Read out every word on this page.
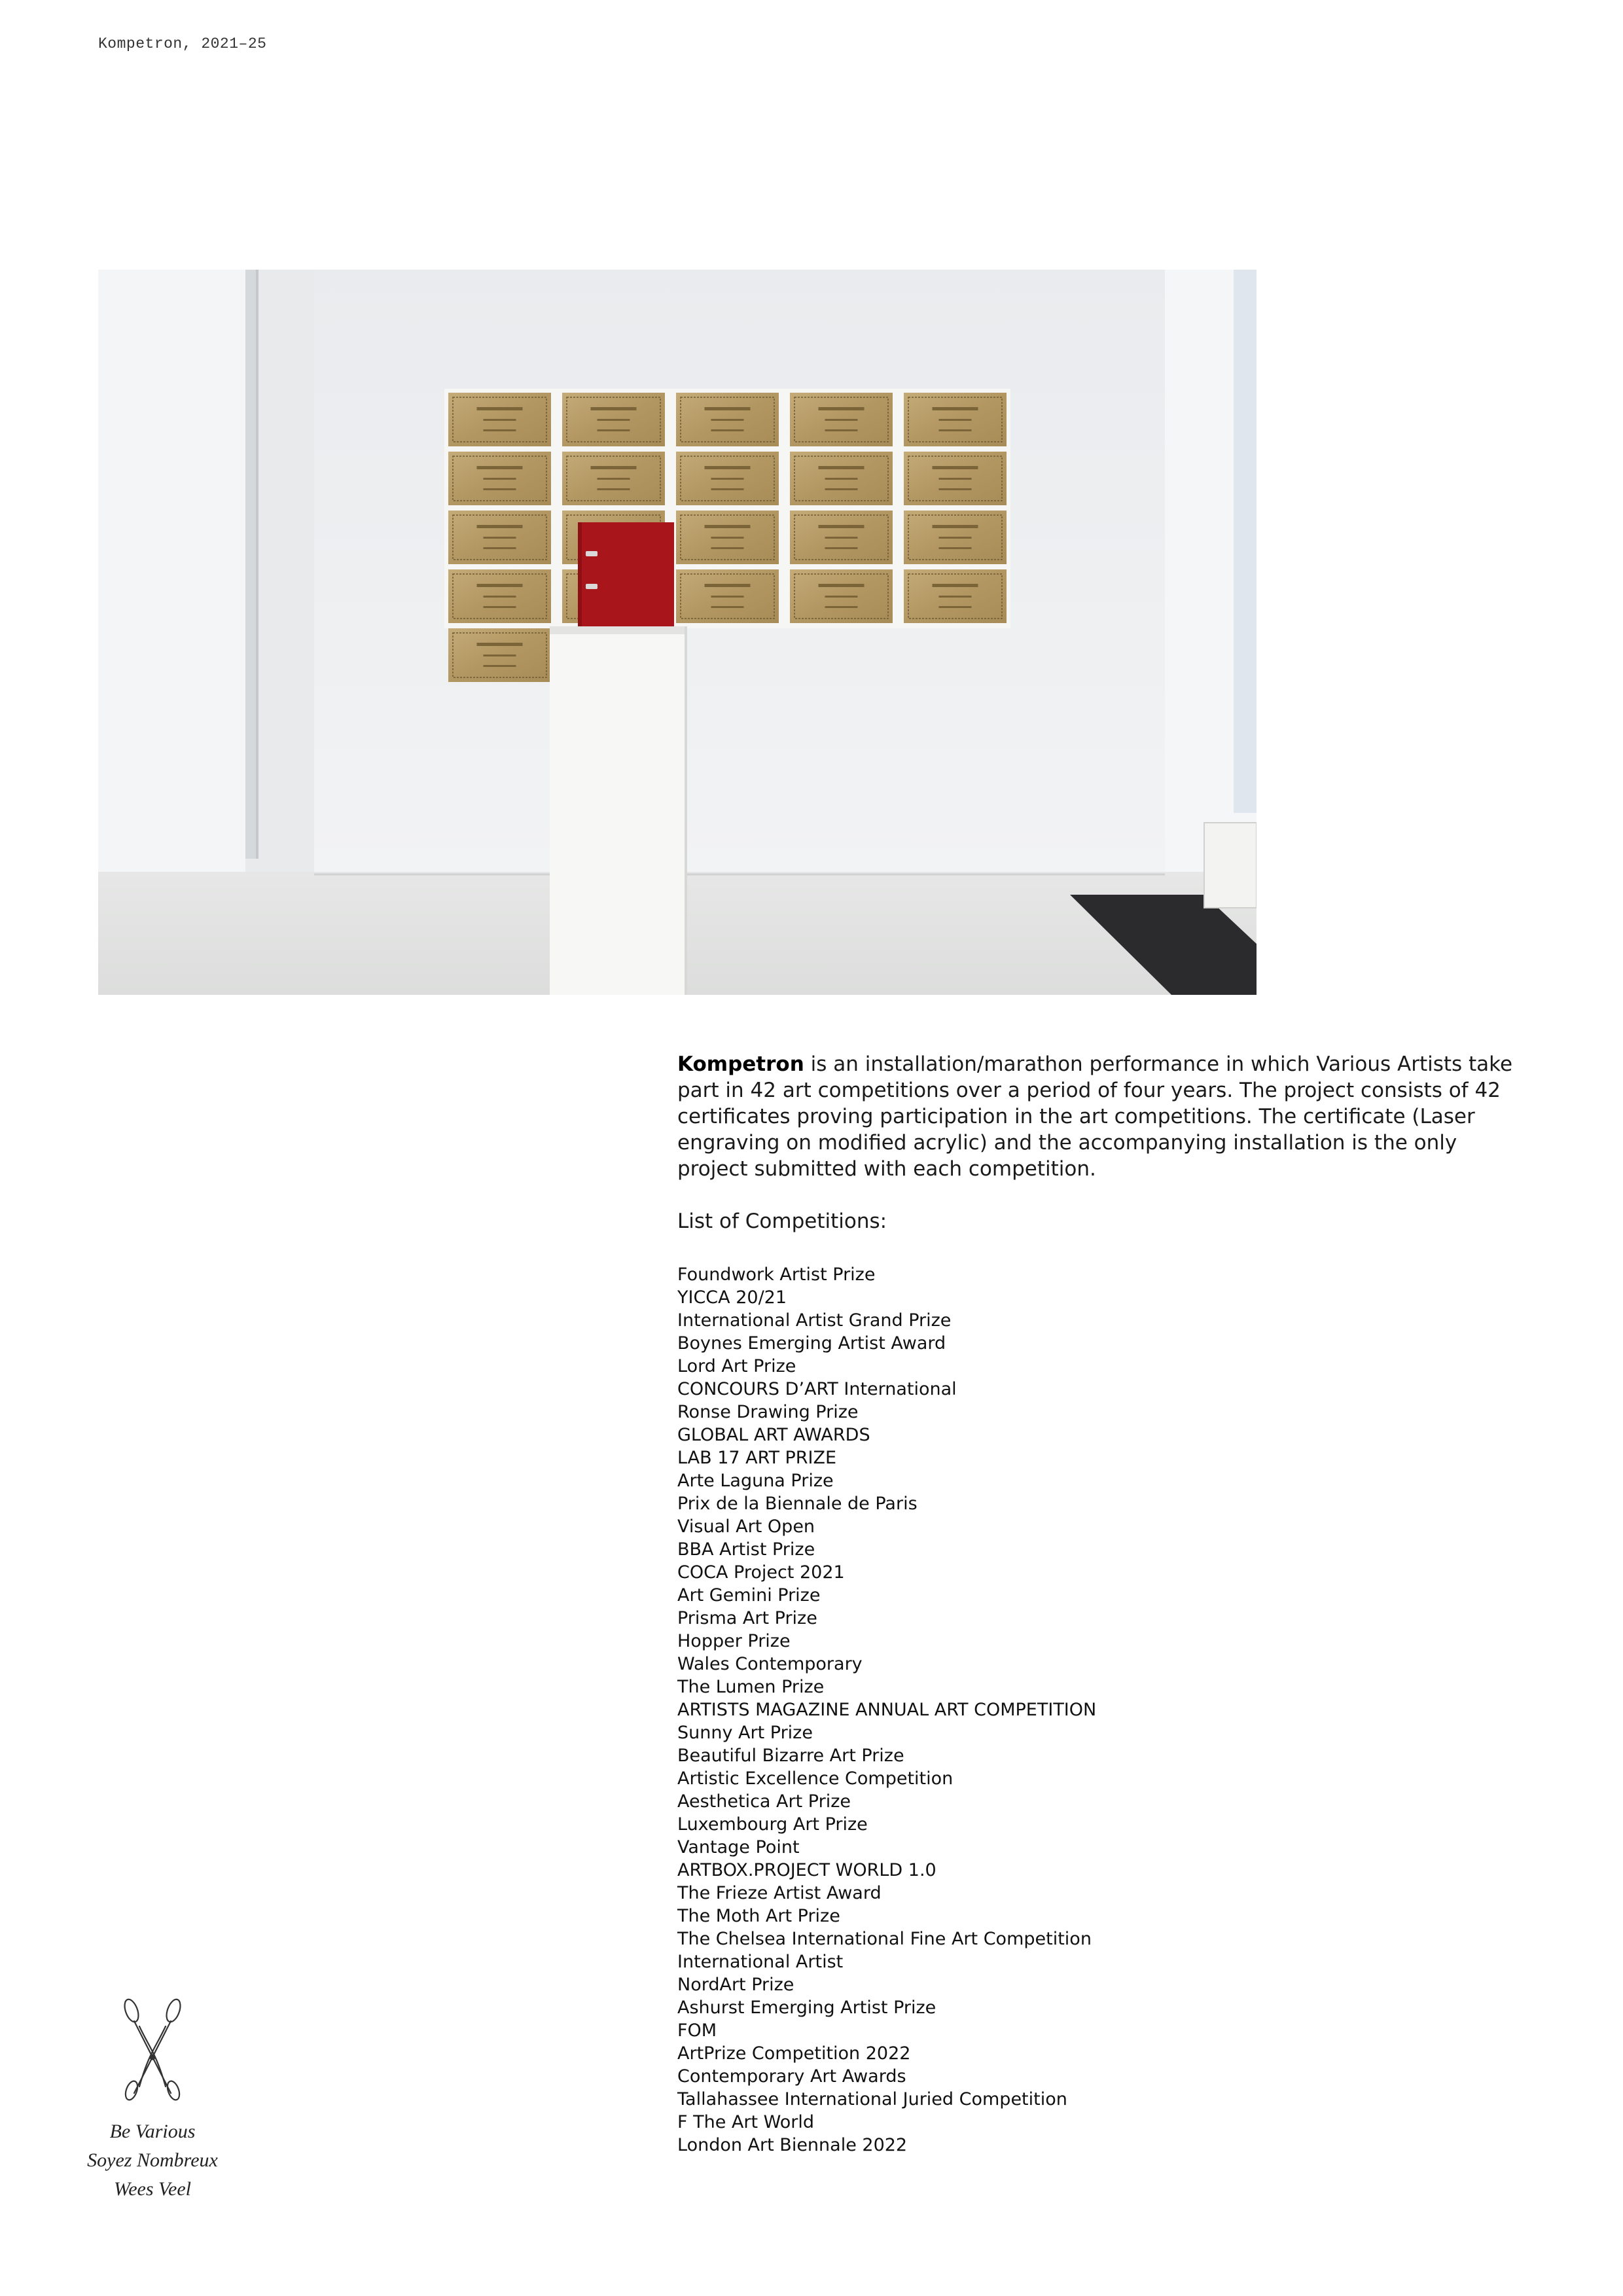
Kompetron, 2021–25

Kompetron is an installation/marathon performance in which Various Artists take part in 42 art competitions over a period of four years. The project consists of 42 certificates proving participation in the art competitions. The certificate (Laser engraving on modified acrylic) and the accompanying installation is the only project submitted with each competition.

List of Competitions:

Foundwork Artist Prize
YICCA 20/21
International Artist Grand Prize
Boynes Emerging Artist Award
Lord Art Prize
CONCOURS D’ART International
Ronse Drawing Prize
GLOBAL ART AWARDS
LAB 17 ART PRIZE
Arte Laguna Prize
Prix de la Biennale de Paris
Visual Art Open
BBA Artist Prize
COCA Project 2021
Art Gemini Prize
Prisma Art Prize
Hopper Prize
Wales Contemporary
The Lumen Prize
ARTISTS MAGAZINE ANNUAL ART COMPETITION
Sunny Art Prize
Beautiful Bizarre Art Prize
Artistic Excellence Competition
Aesthetica Art Prize
Luxembourg Art Prize
Vantage Point
ARTBOX.PROJECT WORLD 1.0
The Frieze Artist Award
The Moth Art Prize
The Chelsea International Fine Art Competition
International Artist
NordArt Prize
Ashurst Emerging Artist Prize
FOM
ArtPrize Competition 2022
Contemporary Art Awards
Tallahassee International Juried Competition
F The Art World
London Art Biennale 2022
Be Various
Soyez Nombreux
Wees Veel
